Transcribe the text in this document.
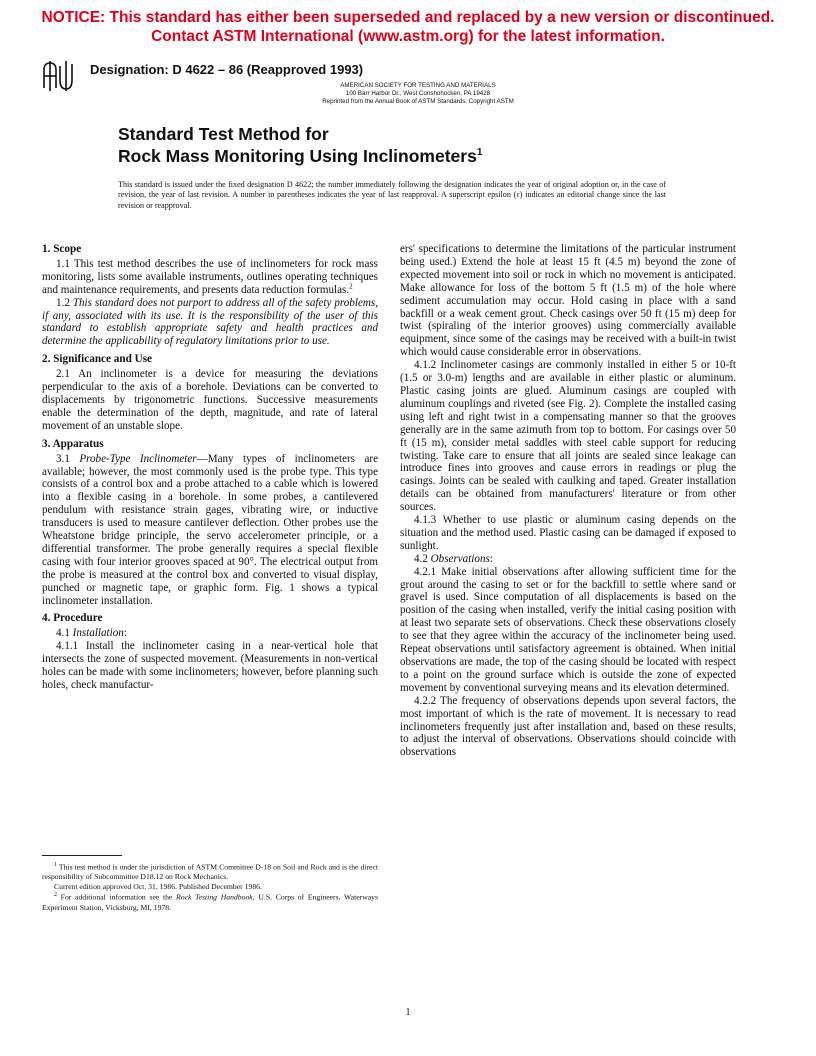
NOTICE: This standard has either been superseded and replaced by a new version or discontinued.
Contact ASTM International (www.astm.org) for the latest information.
Designation: D 4622 – 86 (Reapproved 1993)
AMERICAN SOCIETY FOR TESTING AND MATERIALS
100 Barr Harbor Dr., West Conshohocken, PA 19428
Reprinted from the Annual Book of ASTM Standards. Copyright ASTM
Standard Test Method for
Rock Mass Monitoring Using Inclinometers$^1$
This standard is issued under the fixed designation D 4622; the number immediately following the designation indicates the year of original adoption or, in the case of revision, the year of last revision. A number in parentheses indicates the year of last reapproval. A superscript epsilon (ε) indicates an editorial change since the last revision or reapproval.
1. Scope

1.1 This test method describes the use of inclinometers for rock mass monitoring, lists some available instruments, outlines operating techniques and maintenance requirements, and presents data reduction formulas.$^2$

1.2 This standard does not purport to address all of the safety problems, if any, associated with its use. It is the responsibility of the user of this standard to establish appropriate safety and health practices and determine the applicability of regulatory limitations prior to use.

2. Significance and Use

2.1 An inclinometer is a device for measuring the deviations perpendicular to the axis of a borehole. Deviations can be converted to displacements by trigonometric functions. Successive measurements enable the determination of the depth, magnitude, and rate of lateral movement of an unstable slope.

3. Apparatus

3.1 Probe-Type Inclinometer—Many types of inclinometers are available; however, the most commonly used is the probe type. This type consists of a control box and a probe attached to a cable which is lowered into a flexible casing in a borehole. In some probes, a cantilevered pendulum with resistance strain gages, vibrating wire, or inductive transducers is used to measure cantilever deflection. Other probes use the Wheatstone bridge principle, the servo accelerometer principle, or a differential transformer. The probe generally requires a special flexible casing with four interior grooves spaced at 90°. The electrical output from the probe is measured at the control box and converted to visual display, punched or magnetic tape, or graphic form. Fig. 1 shows a typical inclinometer installation.

4. Procedure

4.1 Installation:

4.1.1 Install the inclinometer casing in a near-vertical hole that intersects the zone of suspected movement. (Measurements in non-vertical holes can be made with some inclinometers; however, before planning such holes, check manufactur-

ers' specifications to determine the limitations of the particular instrument being used.) Extend the hole at least 15 ft (4.5 m) beyond the zone of expected movement into soil or rock in which no movement is anticipated. Make allowance for loss of the bottom 5 ft (1.5 m) of the hole where sediment accumulation may occur. Hold casing in place with a sand backfill or a weak cement grout. Check casings over 50 ft (15 m) deep for twist (spiraling of the interior grooves) using commercially available equipment, since some of the casings may be received with a built-in twist which would cause considerable error in observations.

4.1.2 Inclinometer casings are commonly installed in either 5 or 10-ft (1.5 or 3.0-m) lengths and are available in either plastic or aluminum. Plastic casing joints are glued. Aluminum casings are coupled with aluminum couplings and riveted (see Fig. 2). Complete the installed casing using left and right twist in a compensating manner so that the grooves generally are in the same azimuth from top to bottom. For casings over 50 ft (15 m), consider metal saddles with steel cable support for reducing twisting. Take care to ensure that all joints are sealed since leakage can introduce fines into grooves and cause errors in readings or plug the casings. Joints can be sealed with caulking and taped. Greater installation details can be obtained from manufacturers' literature or from other sources.

4.1.3 Whether to use plastic or aluminum casing depends on the situation and the method used. Plastic casing can be damaged if exposed to sunlight.

4.2 Observations:

4.2.1 Make initial observations after allowing sufficient time for the grout around the casing to set or for the backfill to settle where sand or gravel is used. Since computation of all displacements is based on the position of the casing when installed, verify the initial casing position with at least two separate sets of observations. Check these observations closely to see that they agree within the accuracy of the inclinometer being used. Repeat observations until satisfactory agreement is obtained. When initial observations are made, the top of the casing should be located with respect to a point on the ground surface which is outside the zone of expected movement by conventional surveying means and its elevation determined.

4.2.2 The frequency of observations depends upon several factors, the most important of which is the rate of movement. It is necessary to read inclinometers frequently just after installation and, based on these results, to adjust the interval of observations. Observations should coincide with observations

$^1$ This test method is under the jurisdiction of ASTM Committee D-18 on Soil and Rock and is the direct responsibility of Subcommittee D18.12 on Rock Mechanics.

Current edition approved Oct. 31, 1986. Published December 1986.

$^2$ For additional information see the Rock Testing Handbook, U.S. Corps of Engineers, Waterways Experiment Station, Vicksburg, MI, 1978.

1
